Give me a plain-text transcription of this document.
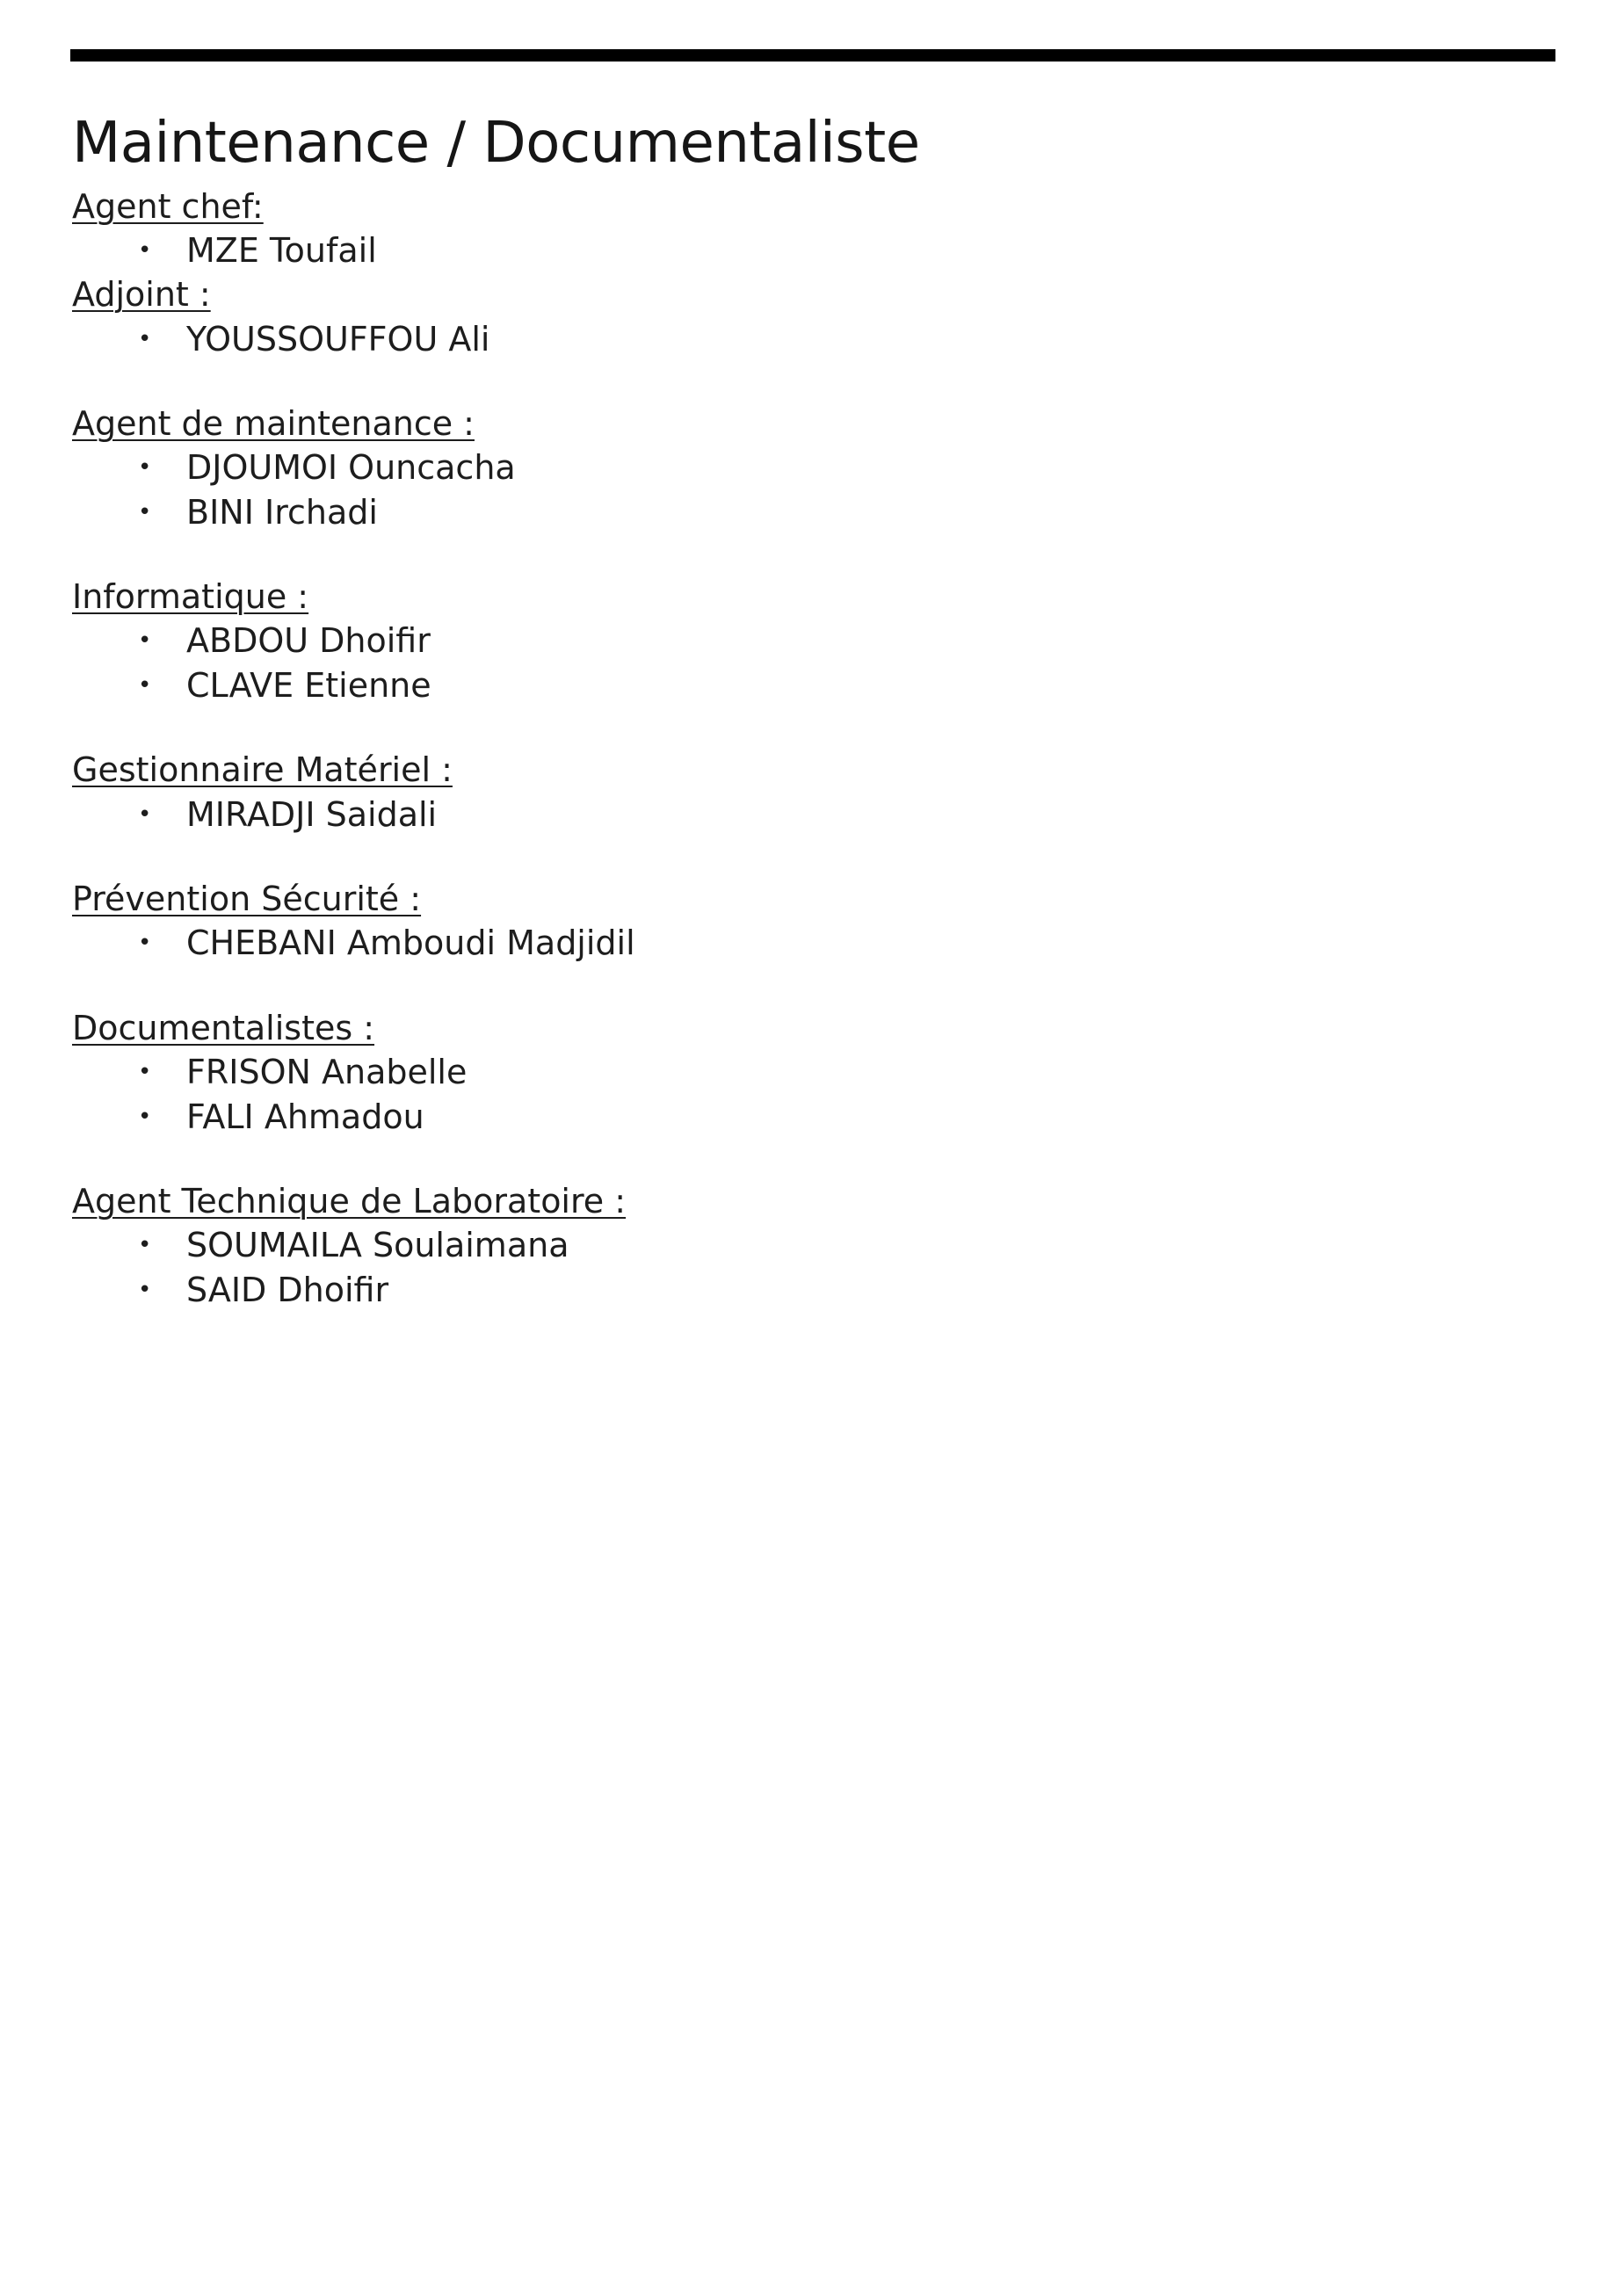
Maintenance / Documentaliste
Agent chef:
• MZE Toufail
Adjoint :
• YOUSSOUFFOU Ali
Agent de maintenance :
• DJOUMOI Ouncacha
• BINI Irchadi
Informatique :
• ABDOU Dhoifir
• CLAVE Etienne
Gestionnaire Matériel :
• MIRADJI Saidali
Prévention Sécurité :
• CHEBANI Amboudi Madjidil
Documentalistes :
• FRISON Anabelle
• FALI Ahmadou
Agent Technique de Laboratoire :
• SOUMAILA Soulaimana
• SAID Dhoifir
